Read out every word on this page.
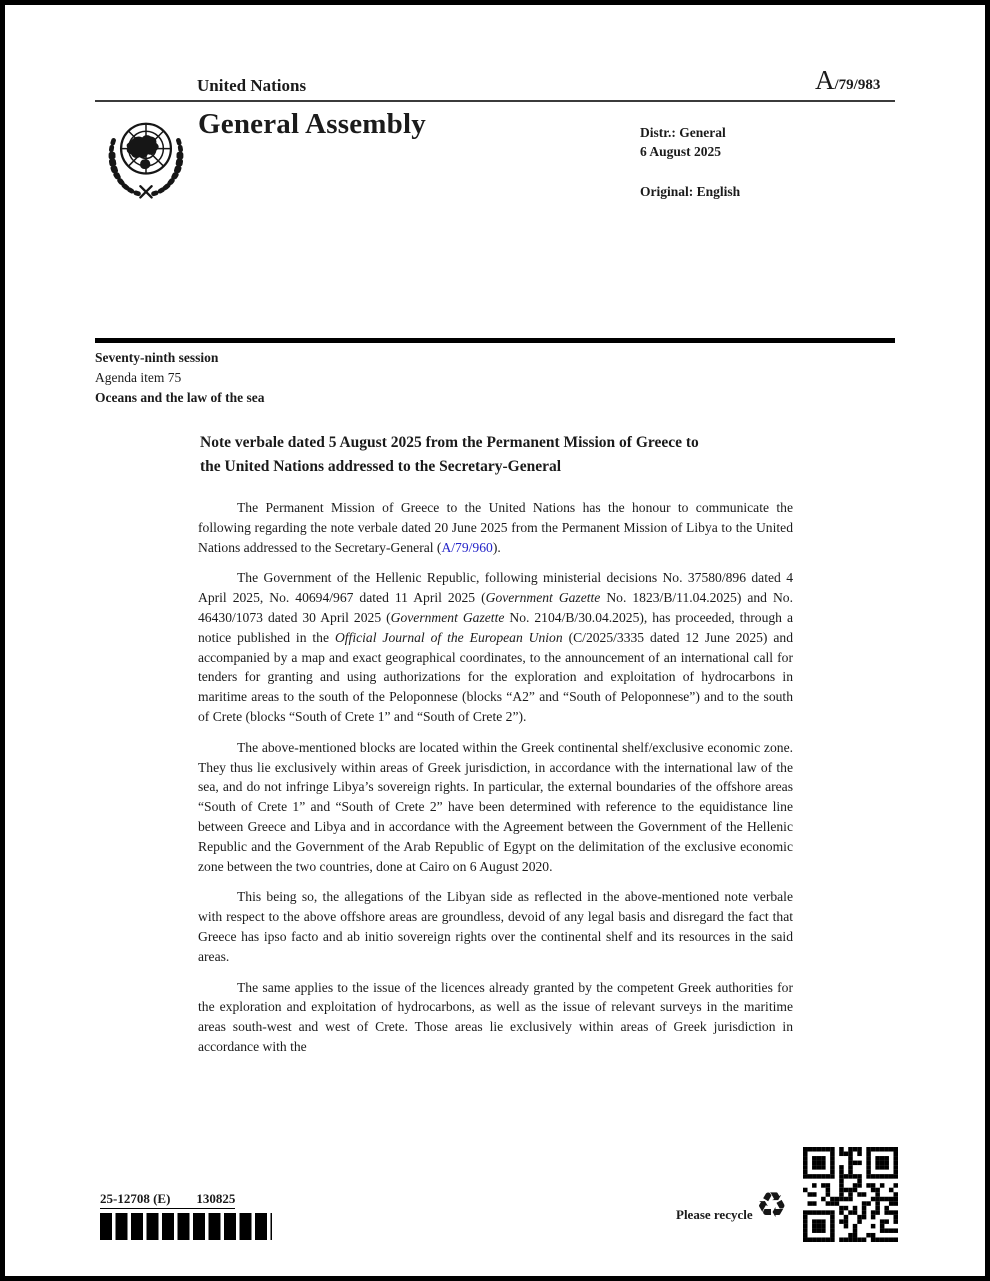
United Nations	A/79/983
General Assembly	Distr.: General
6 August 2025
Original: English
Seventy-ninth session
Agenda item 75
Oceans and the law of the sea
Note verbale dated 5 August 2025 from the Permanent Mission of Greece to the United Nations addressed to the Secretary-General

The Permanent Mission of Greece to the United Nations has the honour to communicate the following regarding the note verbale dated 20 June 2025 from the Permanent Mission of Libya to the United Nations addressed to the Secretary-General (A/79/960).

The Government of the Hellenic Republic, following ministerial decisions No. 37580/896 dated 4 April 2025, No. 40694/967 dated 11 April 2025 (Government Gazette No. 1823/B/11.04.2025) and No. 46430/1073 dated 30 April 2025 (Government Gazette No. 2104/B/30.04.2025), has proceeded, through a notice published in the Official Journal of the European Union (C/2025/3335 dated 12 June 2025) and accompanied by a map and exact geographical coordinates, to the announcement of an international call for tenders for granting and using authorizations for the exploration and exploitation of hydrocarbons in maritime areas to the south of the Peloponnese (blocks “A2” and “South of Peloponnese”) and to the south of Crete (blocks “South of Crete 1” and “South of Crete 2”).

The above-mentioned blocks are located within the Greek continental shelf/exclusive economic zone. They thus lie exclusively within areas of Greek jurisdiction, in accordance with the international law of the sea, and do not infringe Libya’s sovereign rights. In particular, the external boundaries of the offshore areas “South of Crete 1” and “South of Crete 2” have been determined with reference to the equidistance line between Greece and Libya and in accordance with the Agreement between the Government of the Hellenic Republic and the Government of the Arab Republic of Egypt on the delimitation of the exclusive economic zone between the two countries, done at Cairo on 6 August 2020.

This being so, the allegations of the Libyan side as reflected in the above-mentioned note verbale with respect to the above offshore areas are groundless, devoid of any legal basis and disregard the fact that Greece has ipso facto and ab initio sovereign rights over the continental shelf and its resources in the said areas.

The same applies to the issue of the licences already granted by the competent Greek authorities for the exploration and exploitation of hydrocarbons, as well as the issue of relevant surveys in the maritime areas south-west and west of Crete. Those areas lie exclusively within areas of Greek jurisdiction in accordance with the

25-12708 (E) 130825
Please recycle ♻
